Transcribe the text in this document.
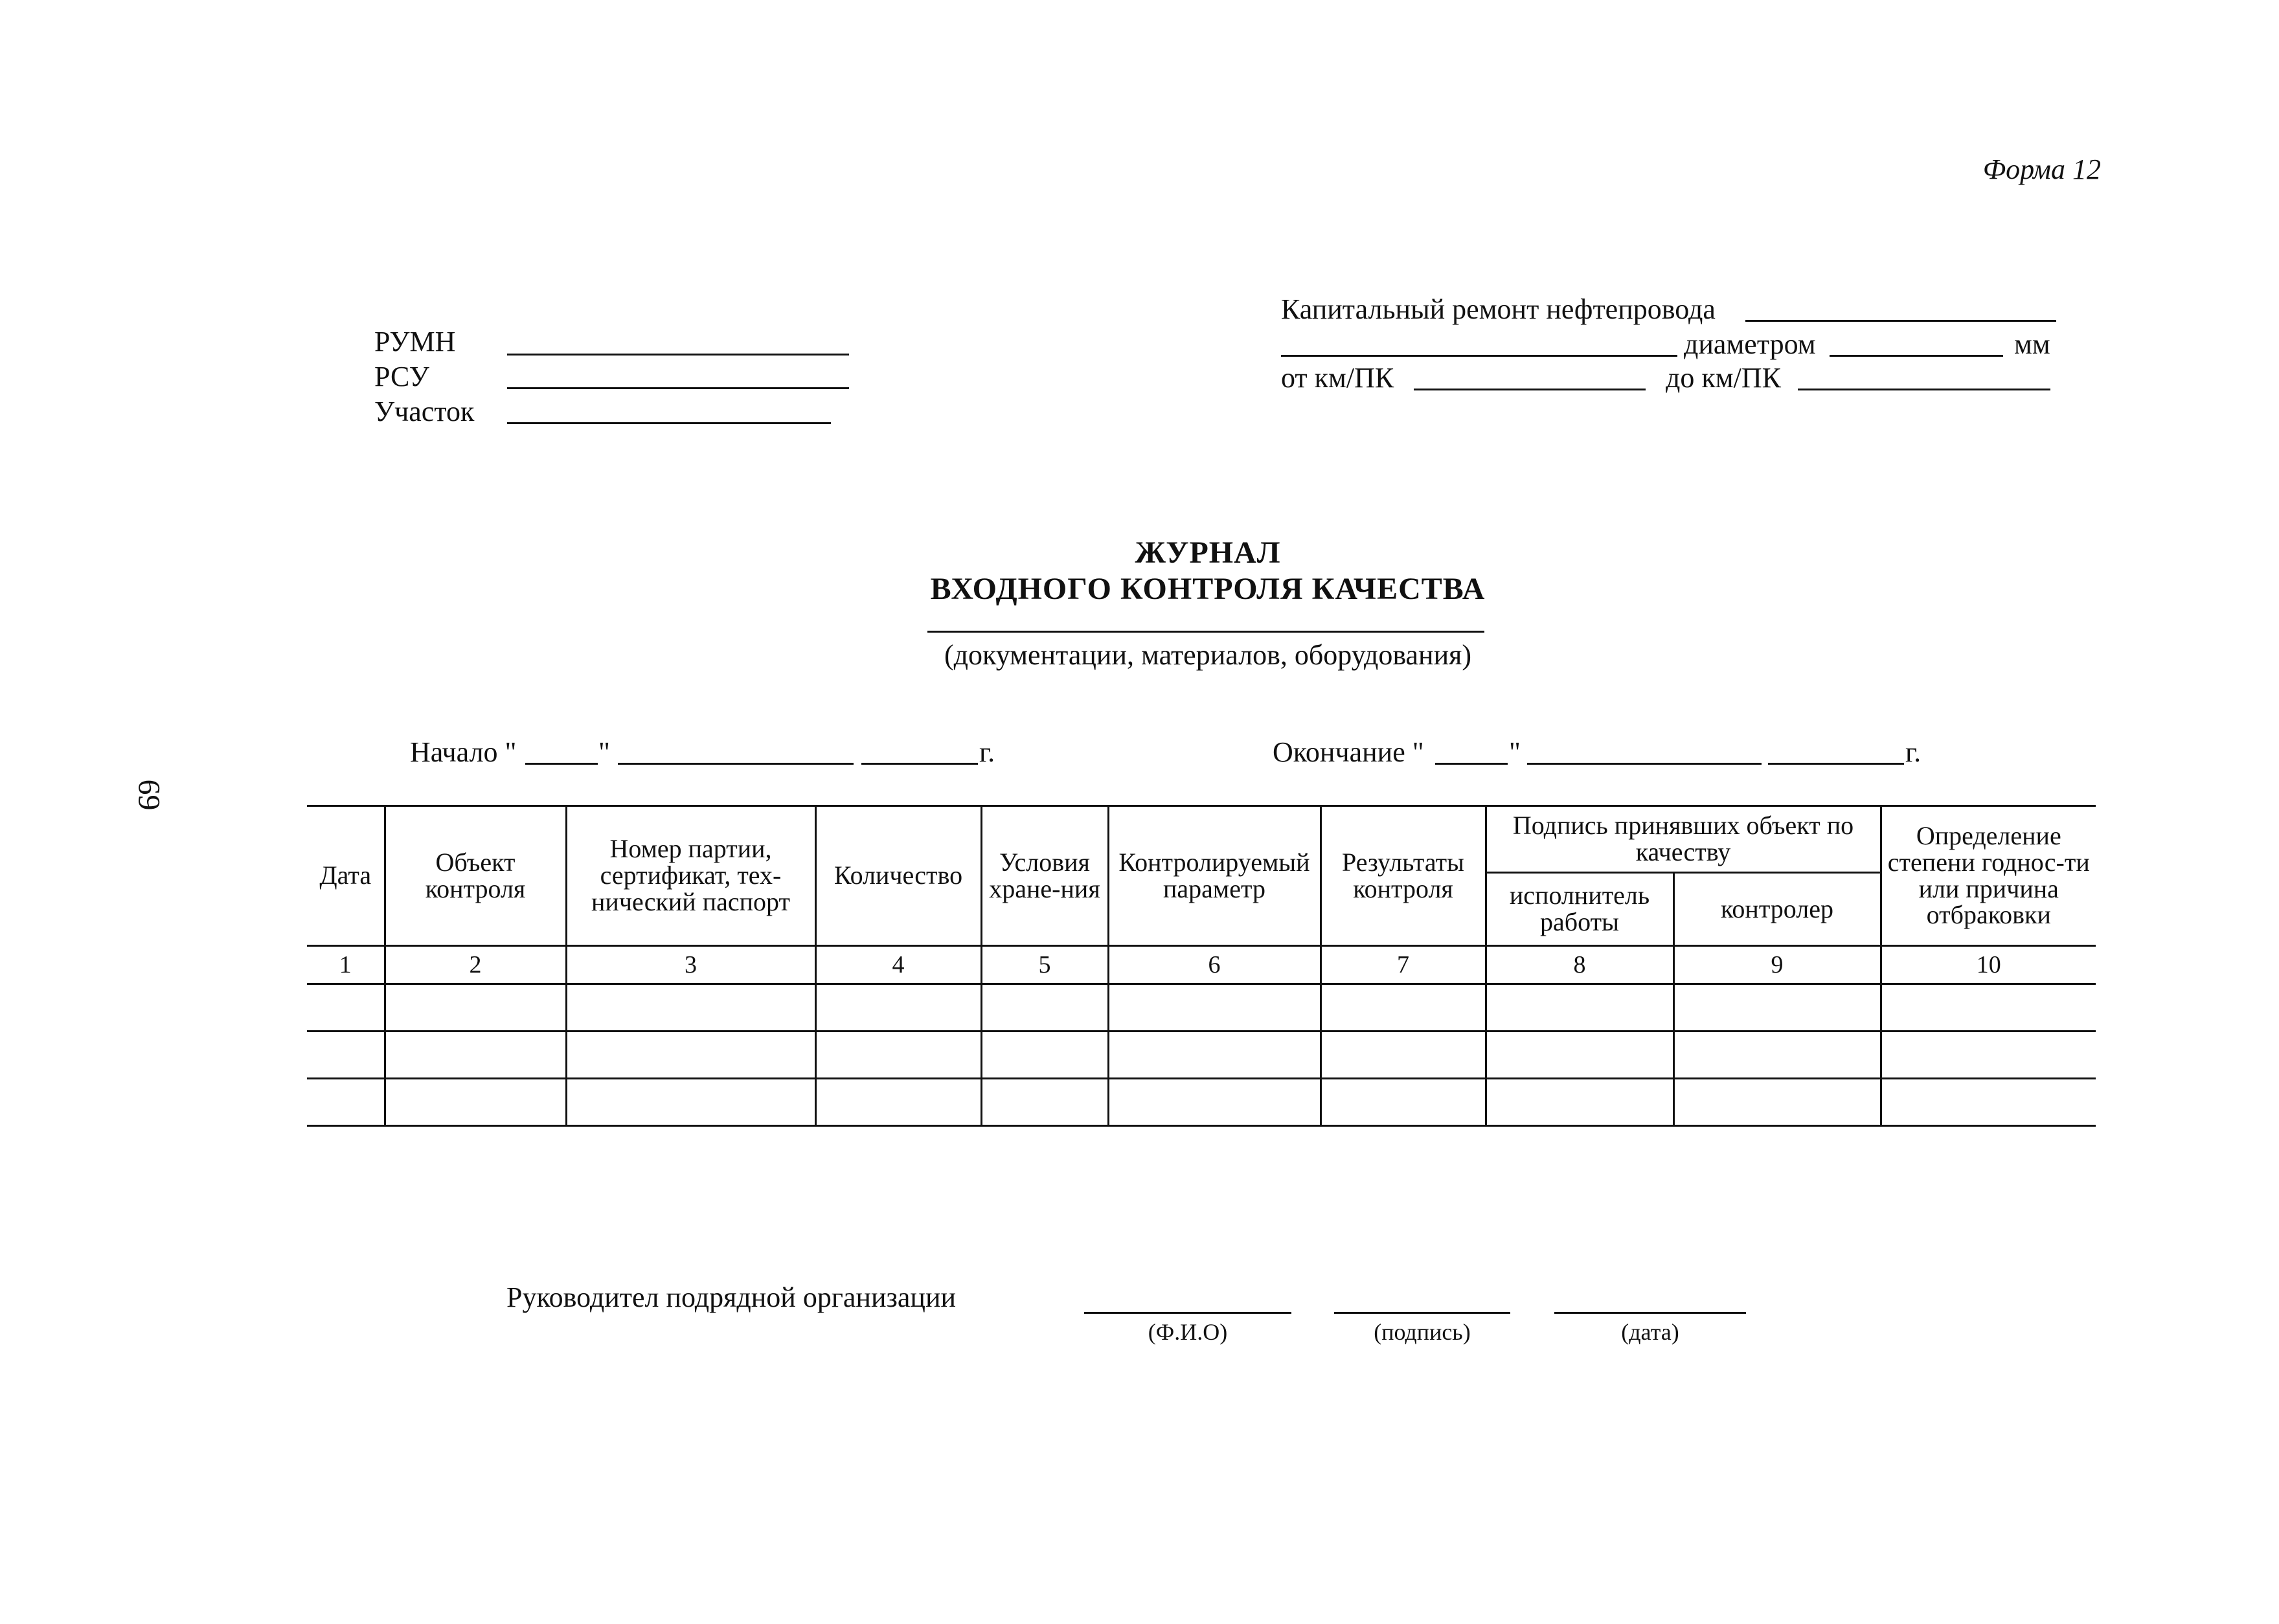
Форма 12
69
РУМН
РСУ
Участок
Капитальный ремонт нефтепровода
диаметром	мм
от км/ПК	до км/ПК
ЖУРНАЛ
ВХОДНОГО КОНТРОЛЯ КАЧЕСТВА
(документации, материалов, оборудования)
Начало "	"	г.	Окончание "	"	г.
Дата	Объект контроля	Номер партии, сертификат, тех-нический паспорт	Количество	Условия хране-ния	Контролируемый параметр	Результаты контроля	Подпись принявших объект по качеству		Определение степени годнос-ти или причина отбраковки
							исполнитель работы	контролер	
1	2	3	4	5	6	7	8	9	10

Руководител подрядной организации
(Ф.И.О)	(подпись)	(дата)
